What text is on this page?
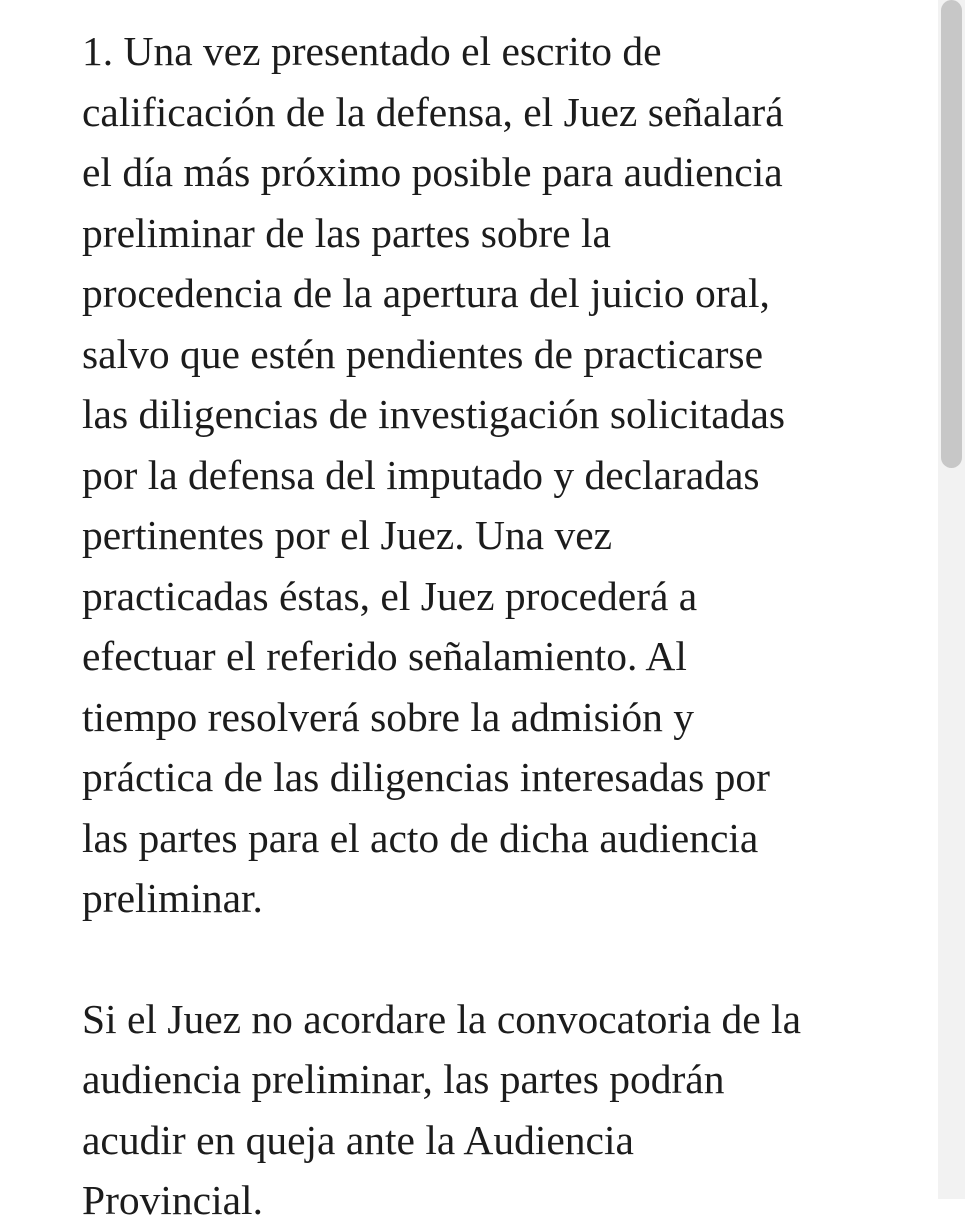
1. Una vez presentado el escrito de
calificación de la defensa, el Juez señalará
el día más próximo posible para audiencia
preliminar de las partes sobre la
procedencia de la apertura del juicio oral,
salvo que estén pendientes de practicarse
las diligencias de investigación solicitadas
por la defensa del imputado y declaradas
pertinentes por el Juez. Una vez
practicadas éstas, el Juez procederá a
efectuar el referido señalamiento. Al
tiempo resolverá sobre la admisión y
práctica de las diligencias interesadas por
las partes para el acto de dicha audiencia
preliminar.
Si el Juez no acordare la convocatoria de la
audiencia preliminar, las partes podrán
acudir en queja ante la Audiencia
Provincial.
